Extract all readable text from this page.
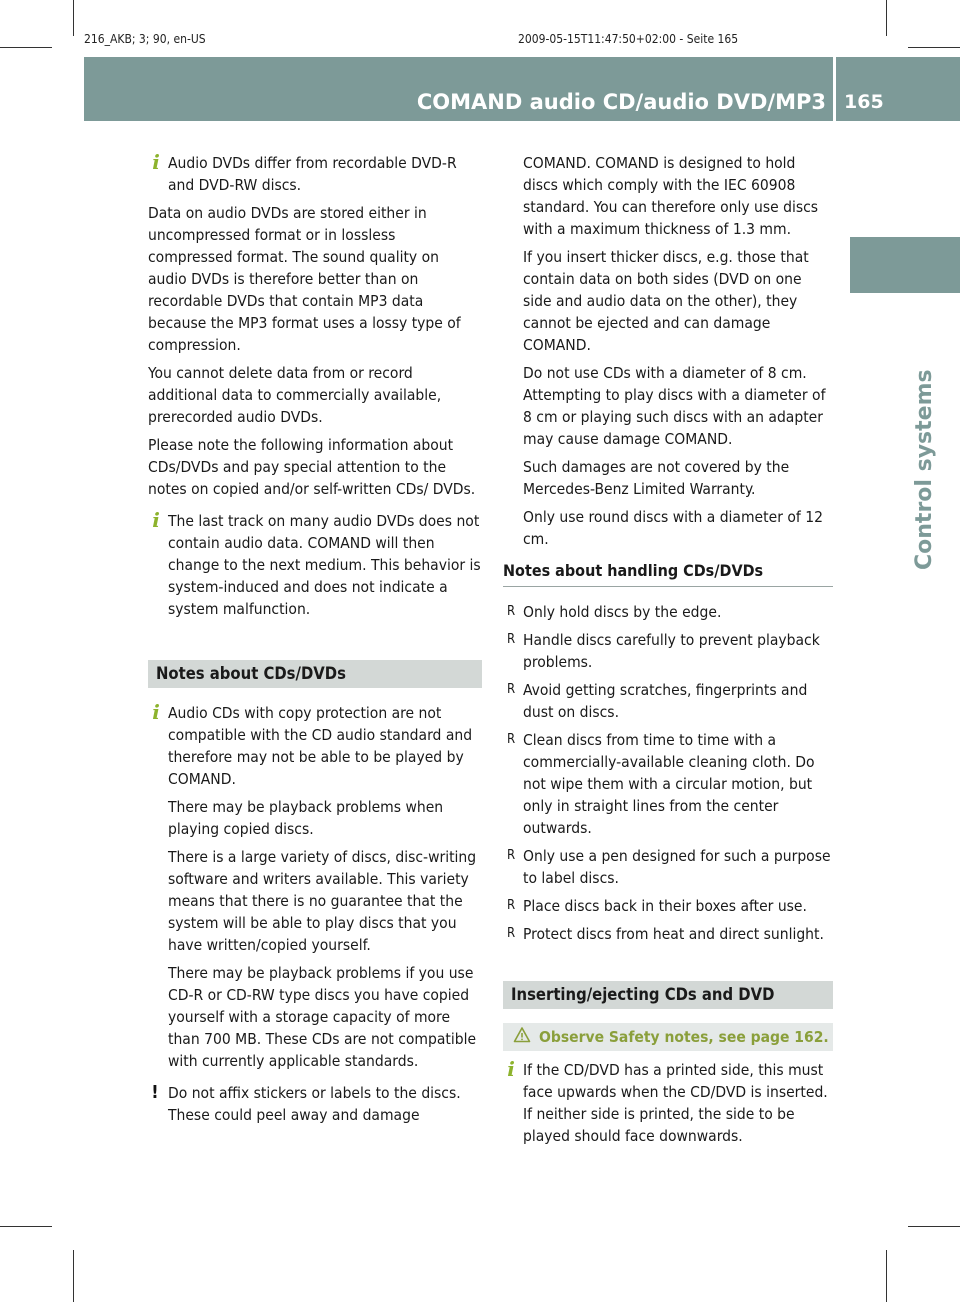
216_AKB; 3; 90, en-US

	2009-05-15T11:47:50+02:00 - Seite 165

COMAND audio CD/audio DVD/MP3 165
Control systems

i Audio DVDs differ from recordable DVD-R and DVD-RW discs.

Data on audio DVDs are stored either in uncompressed format or in lossless compressed format. The sound quality on audio DVDs is therefore better than on recordable DVDs that contain MP3 data because the MP3 format uses a lossy type of compression.

You cannot delete data from or record additional data to commercially available, prerecorded audio DVDs.

Please note the following information about CDs/DVDs and pay special attention to the notes on copied and/or self-written CDs/ DVDs.

i The last track on many audio DVDs does not contain audio data. COMAND will then change to the next medium. This behavior is system-induced and does not indicate a system malfunction.

Notes about CDs/DVDs

i Audio CDs with copy protection are not compatible with the CD audio standard and therefore may not be able to be played by COMAND.

There may be playback problems when playing copied discs.

There is a large variety of discs, disc-writing software and writers available. This variety means that there is no guarantee that the system will be able to play discs that you have written/copied yourself.

There may be playback problems if you use CD-R or CD-RW type discs you have copied yourself with a storage capacity of more than 700 MB. These CDs are not compatible with currently applicable standards.

! Do not affix stickers or labels to the discs. These could peel away and damage

COMAND. COMAND is designed to hold discs which comply with the IEC 60908 standard. You can therefore only use discs with a maximum thickness of 1.3 mm.

If you insert thicker discs, e.g. those that contain data on both sides (DVD on one side and audio data on the other), they cannot be ejected and can damage COMAND.

Do not use CDs with a diameter of 8 cm. Attempting to play discs with a diameter of 8 cm or playing such discs with an adapter may cause damage COMAND.

Such damages are not covered by the Mercedes-Benz Limited Warranty.

Only use round discs with a diameter of 12 cm.

Notes about handling CDs/DVDs
R Only hold discs by the edge.
R Handle discs carefully to prevent playback problems.
R Avoid getting scratches, fingerprints and dust on discs.
R Clean discs from time to time with a commercially-available cleaning cloth. Do not wipe them with a circular motion, but only in straight lines from the center outwards.
R Only use a pen designed for such a purpose to label discs.
R Place discs back in their boxes after use.
R Protect discs from heat and direct sunlight.
Inserting/ejecting CDs and DVD
Observe Safety notes, see page 162.

i If the CD/DVD has a printed side, this must face upwards when the CD/DVD is inserted. If neither side is printed, the side to be played should face downwards.
